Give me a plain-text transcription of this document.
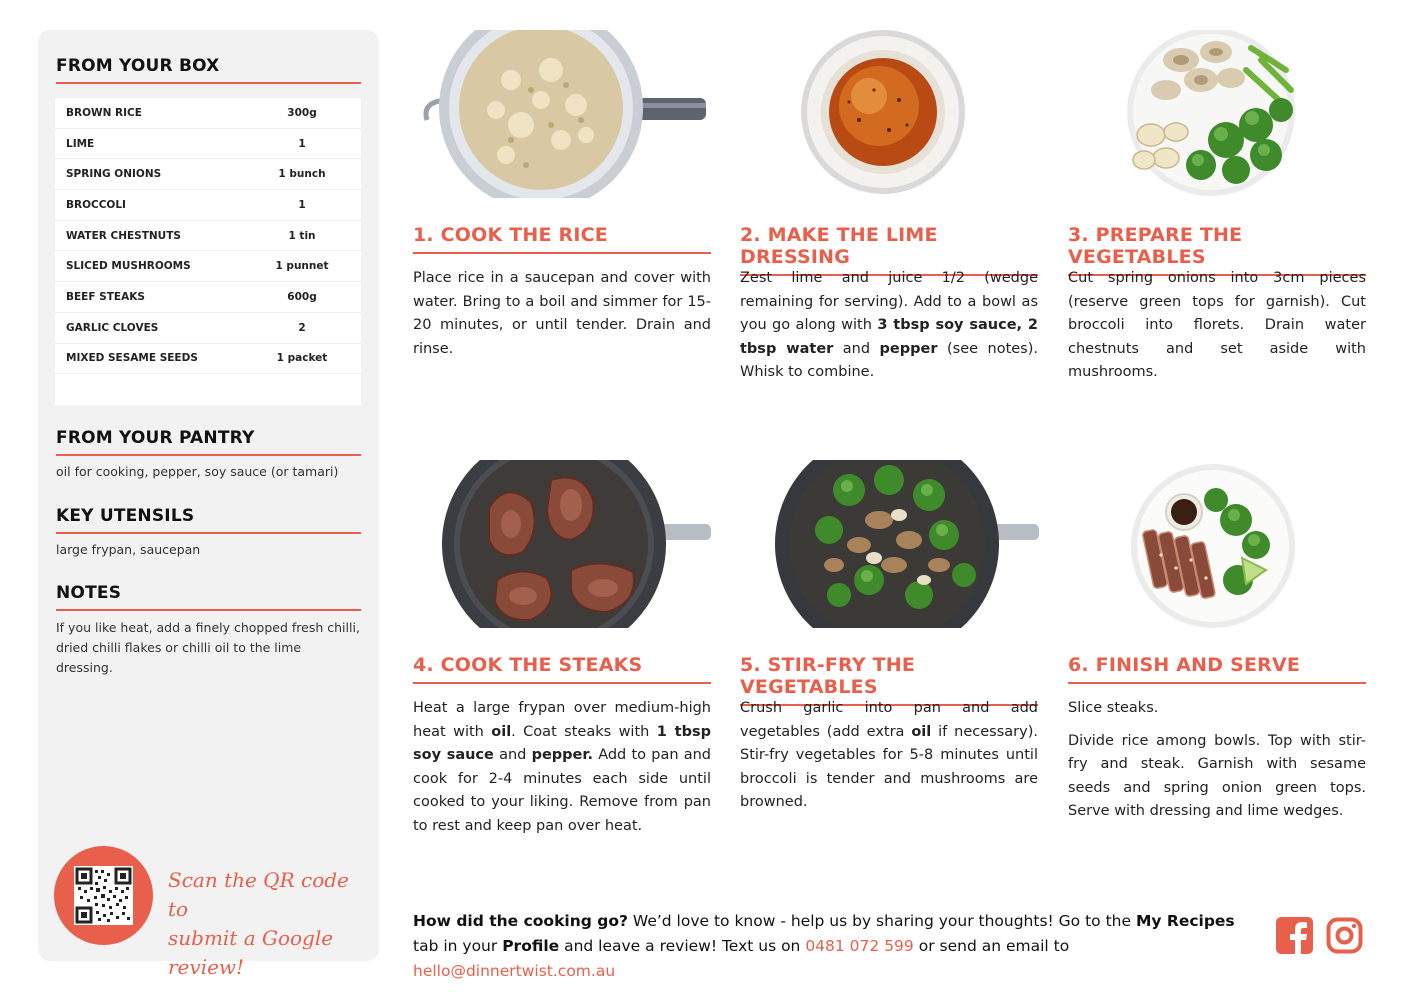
FROM YOUR BOX
BROWN RICE	300g
LIME	1
SPRING ONIONS	1 bunch
BROCCOLI	1
WATER CHESTNUTS	1 tin
SLICED MUSHROOMS	1 punnet
BEEF STEAKS	600g
GARLIC CLOVES	2
MIXED SESAME SEEDS	1 packet
FROM YOUR PANTRY
oil for cooking, pepper, soy sauce (or tamari)
KEY UTENSILS
large frypan, saucepan
NOTES
If you like heat, add a finely chopped fresh chilli, dried chilli flakes or chilli oil to the lime dressing.
Scan the QR code to
submit a Google review!
1. COOK THE RICE
Place rice in a saucepan and cover with water. Bring to a boil and simmer for 15-20 minutes, or until tender. Drain and rinse.
2. MAKE THE LIME DRESSING
Zest lime and juice 1/2 (wedge remaining for serving). Add to a bowl as you go along with 3 tbsp soy sauce, 2 tbsp water and pepper (see notes). Whisk to combine.
3. PREPARE THE VEGETABLES
Cut spring onions into 3cm pieces (reserve green tops for garnish). Cut broccoli into florets. Drain water chestnuts and set aside with mushrooms.
4. COOK THE STEAKS
Heat a large frypan over medium-high heat with oil. Coat steaks with 1 tbsp soy sauce and pepper. Add to pan and cook for 2-4 minutes each side until cooked to your liking. Remove from pan to rest and keep pan over heat.
5. STIR-FRY THE VEGETABLES
Crush garlic into pan and add vegetables (add extra oil if necessary). Stir-fry vegetables for 5-8 minutes until broccoli is tender and mushrooms are browned.
6. FINISH AND SERVE

Slice steaks.

Divide rice among bowls. Top with stir-fry and steak. Garnish with sesame seeds and spring onion green tops. Serve with dressing and lime wedges.

How did the cooking go? We’d love to know - help us by sharing your thoughts! Go to the My Recipes tab in your Profile and leave a review! Text us on 0481 072 599 or send an email to hello@dinnertwist.com.au
